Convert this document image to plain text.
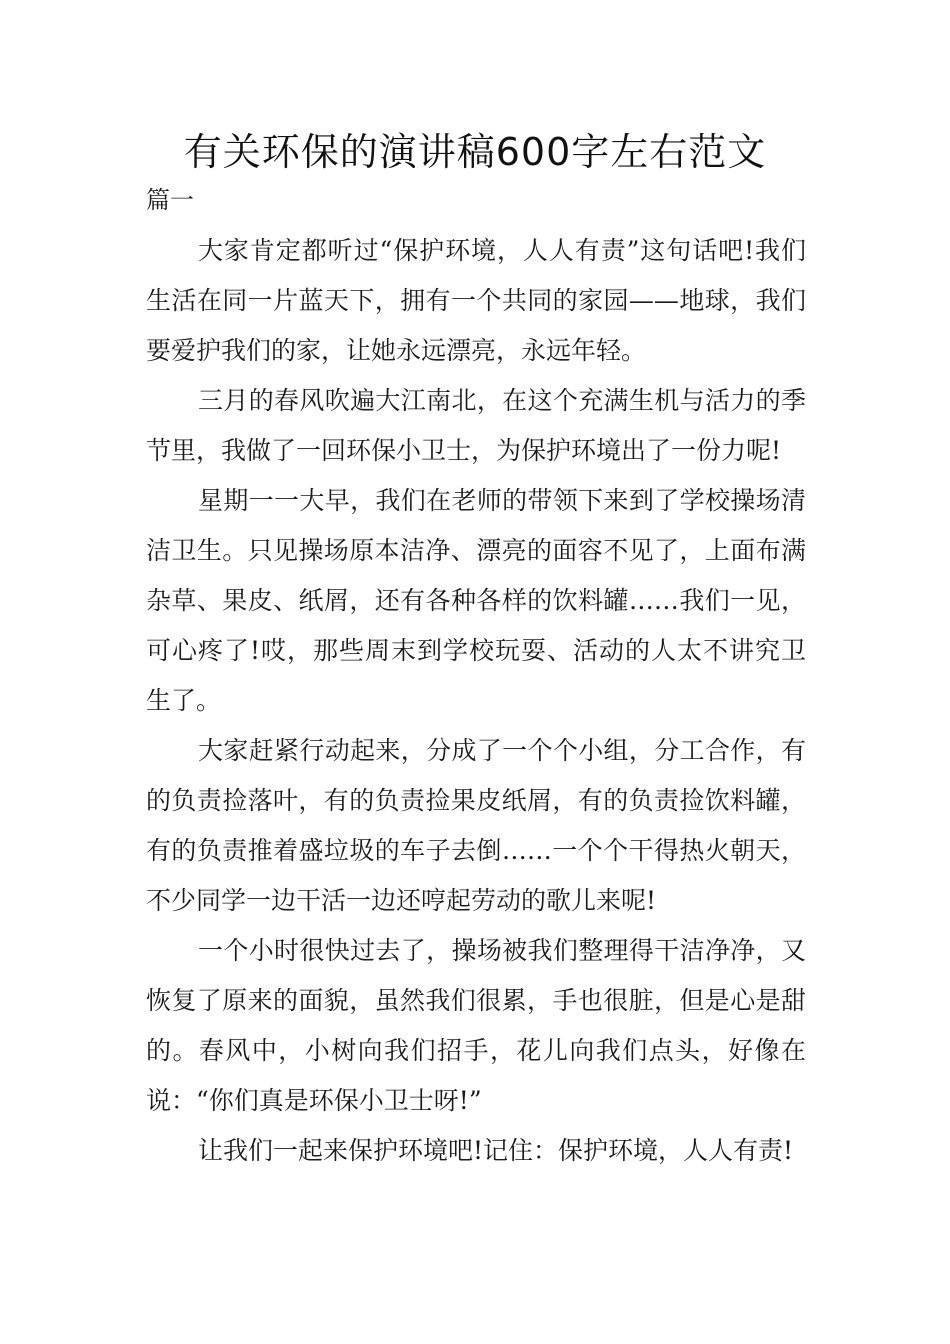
有关环保的演讲稿600字左右范文
篇一

大家肯定都听过“保护环境，人人有责”这句话吧!我们生活在同一片蓝天下，拥有一个共同的家园——地球，我们要爱护我们的家，让她永远漂亮，永远年轻。

三月的春风吹遍大江南北，在这个充满生机与活力的季节里，我做了一回环保小卫士，为保护环境出了一份力呢!

星期一一大早，我们在老师的带领下来到了学校操场清洁卫生。只见操场原本洁净、漂亮的面容不见了，上面布满杂草、果皮、纸屑，还有各种各样的饮料罐……我们一见，可心疼了!哎，那些周末到学校玩耍、活动的人太不讲究卫生了。

大家赶紧行动起来，分成了一个个小组，分工合作，有的负责捡落叶，有的负责捡果皮纸屑，有的负责捡饮料罐，有的负责推着盛垃圾的车子去倒……一个个干得热火朝天，不少同学一边干活一边还哼起劳动的歌儿来呢!

一个小时很快过去了，操场被我们整理得干洁净净，又恢复了原来的面貌，虽然我们很累，手也很脏，但是心是甜的。春风中，小树向我们招手，花儿向我们点头，好像在说：“你们真是环保小卫士呀!”

让我们一起来保护环境吧!记住：保护环境，人人有责!
